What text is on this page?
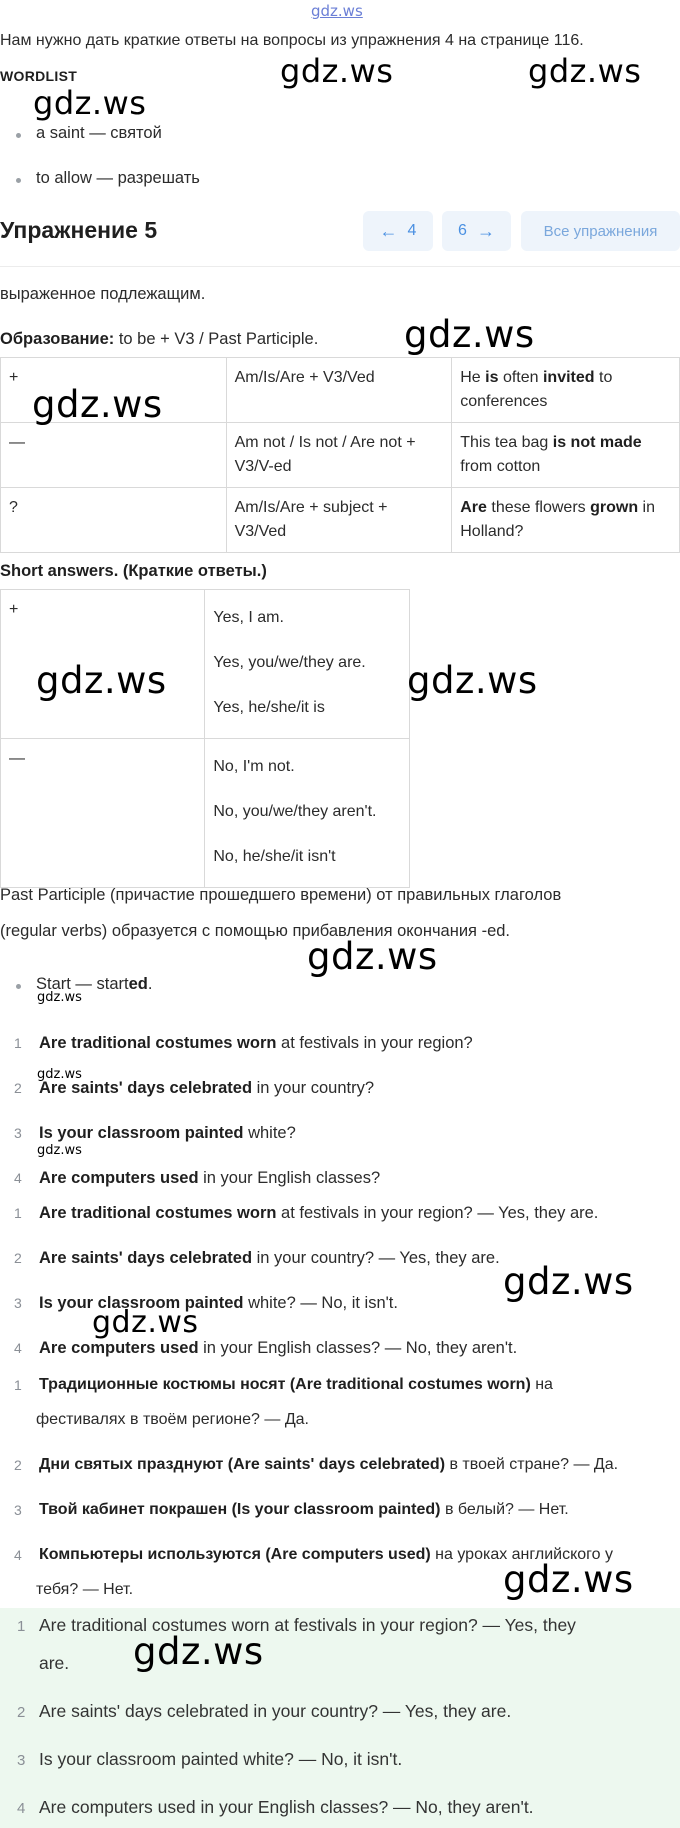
gdz.ws
Нам нужно дать краткие ответы на вопросы из упражнения 4 на странице 116.
WORDLIST
a saint — святой
to allow — разрешать
Упражнение 5	← 4	6 →	Все упражнения
выраженное подлежащим.
Образование: to be + V3 / Past Participle.
+	Am/Is/Are + V3/Ved	He is often invited to conferences
—	Am not / Is not / Are not + V3/V-ed	This tea bag is not made from cotton
?	Am/Is/Are + subject + V3/Ved	Are these flowers grown in Holland?
Short answers. (Краткие ответы.)
+	Yes, I am.
Yes, you/we/they are.
Yes, he/she/it is

—	No, I'm not.
No, you/we/they aren't.
No, he/she/it isn't
Past Participle (причастие прошедшего времени) от правильных глаголов
(regular verbs) образуется с помощью прибавления окончания -ed.
Start — started.
1 Are traditional costumes worn at festivals in your region?
2 Are saints' days celebrated in your country?
3 Is your classroom painted white?
4 Are computers used in your English classes?
1 Are traditional costumes worn at festivals in your region? — Yes, they are.
2 Are saints' days celebrated in your country? — Yes, they are.
3 Is your classroom painted white? — No, it isn't.
4 Are computers used in your English classes? — No, they aren't.
1 Традиционные костюмы носят (Are traditional costumes worn) на
фестивалях в твоём регионе? — Да.
2 Дни святых празднуют (Are saints' days celebrated) в твоей стране? — Да.
3 Твой кабинет покрашен (Is your classroom painted) в белый? — Нет.
4 Компьютеры используются (Are computers used) на уроках английского у
тебя? — Нет.
1 Are traditional costumes worn at festivals in your region? — Yes, they
are.
2 Are saints' days celebrated in your country? — Yes, they are.
3 Is your classroom painted white? — No, it isn't.
4 Are computers used in your English classes? — No, they aren't.
gdz.ws	gdz.ws
gdz.ws
gdz.ws
gdz.ws
gdz.ws	gdz.ws
gdz.ws
gdz.ws
gdz.ws
gdz.ws
gdz.ws
gdz.ws
gdz.ws
gdz.ws
